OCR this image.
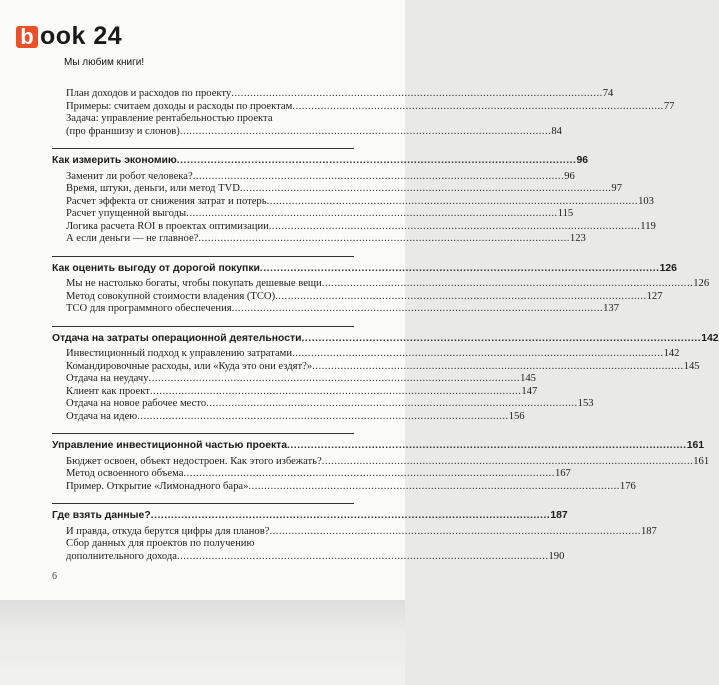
b ook 24
Мы любим книги!
План доходов и расходов по проекту .....	74
Примеры: считаем доходы и расходы по проектам .....	77
Задача: управление рентабельностью проекта
(про франшизу и слонов) .....	84
Как измерить экономию .....	96
Заменит ли робот человека? .....	96
Время, штуки, деньги, или метод TVD .....	97
Расчет эффекта от снижения затрат и потерь .....	103
Расчет упущенной выгоды .....	115
Логика расчета ROI в проектах оптимизации .....	119
А если деньги — не главное? .....	123
Как оценить выгоду от дорогой покупки .....	126
Мы не настолько богаты, чтобы покупать дешевые вещи .....	126
Метод совокупной стоимости владения (TCO) .....	127
TCO для программного обеспечения .....	137
Отдача на затраты операционной деятельности .....	142
Инвестиционный подход к управлению затратами .....	142
Командировочные расходы, или «Куда это они ездят?» .....	145
Отдача на неудачу .....	145
Клиент как проект .....	147
Отдача на новое рабочее место .....	153
Отдача на идею .....	156
Управление инвестиционной частью проекта .....	161
Бюджет освоен, объект недостроен. Как этого избежать? .....	161
Метод освоенного объема .....	167
Пример. Открытие «Лимонадного бара» .....	176
Где взять данные? .....	187
И правда, откуда берутся цифры для планов? .....	187
Сбор данных для проектов по получению
дополнительного дохода .....	190
6
